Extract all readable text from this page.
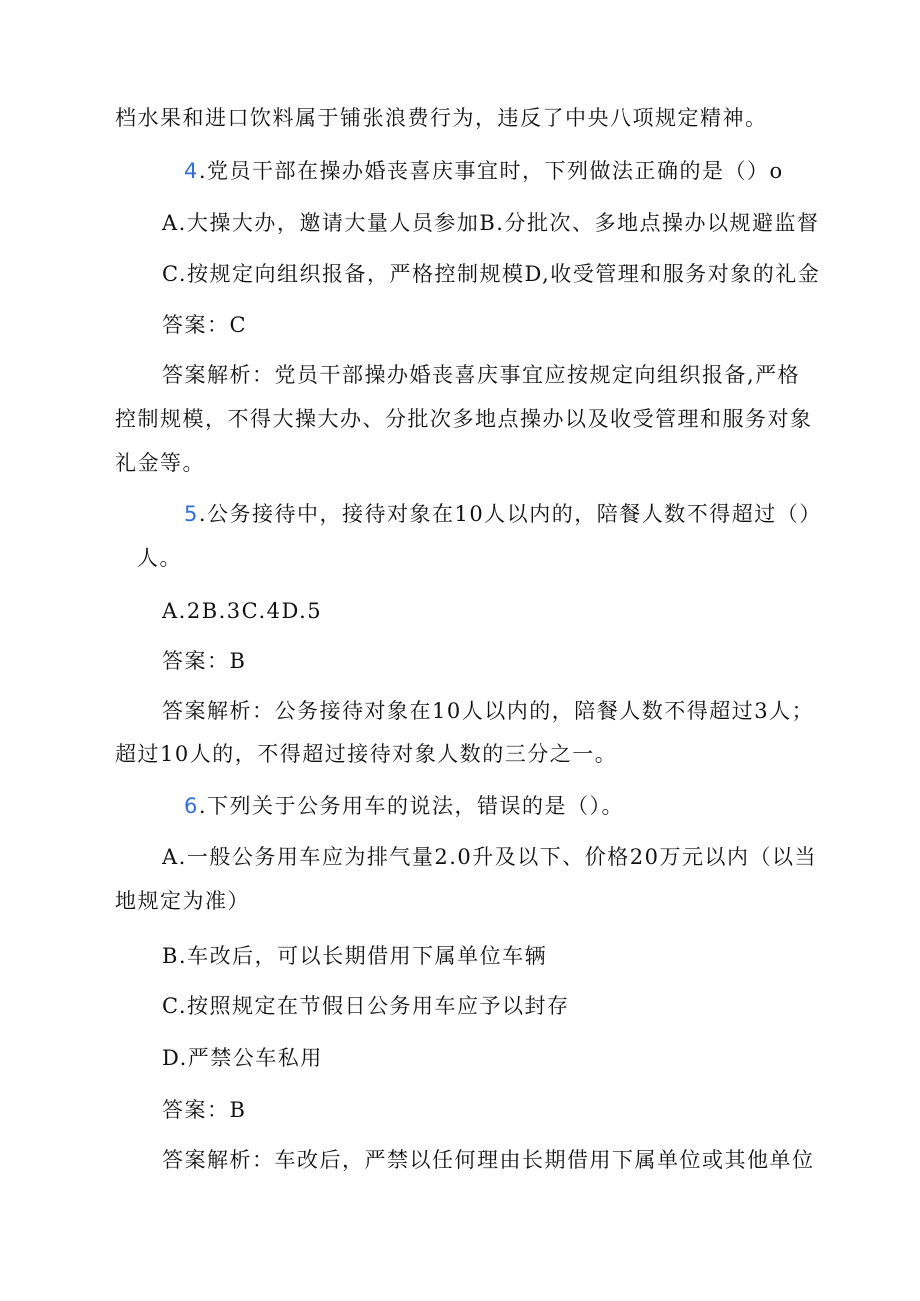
档水果和进口饮料属于铺张浪费行为，违反了中央八项规定精神。
4.党员干部在操办婚丧喜庆事宜时，下列做法正确的是（）o
A.大操大办，邀请大量人员参加B.分批次、多地点操办以规避监督
C.按规定向组织报备，严格控制规模D,收受管理和服务对象的礼金
答案：C
答案解析：党员干部操办婚丧喜庆事宜应按规定向组织报备,严格
控制规模，不得大操大办、分批次多地点操办以及收受管理和服务对象
礼金等。
5.公务接待中，接待对象在10人以内的，陪餐人数不得超过（）
人。
A.2B.3C.4D.5
答案：B
答案解析：公务接待对象在10人以内的，陪餐人数不得超过3人；
超过10人的，不得超过接待对象人数的三分之一。
6.下列关于公务用车的说法，错误的是（）。
A.一般公务用车应为排气量2.0升及以下、价格20万元以内（以当
地规定为准）
B.车改后，可以长期借用下属单位车辆
C.按照规定在节假日公务用车应予以封存
D.严禁公车私用
答案：B
答案解析：车改后，严禁以任何理由长期借用下属单位或其他单位
